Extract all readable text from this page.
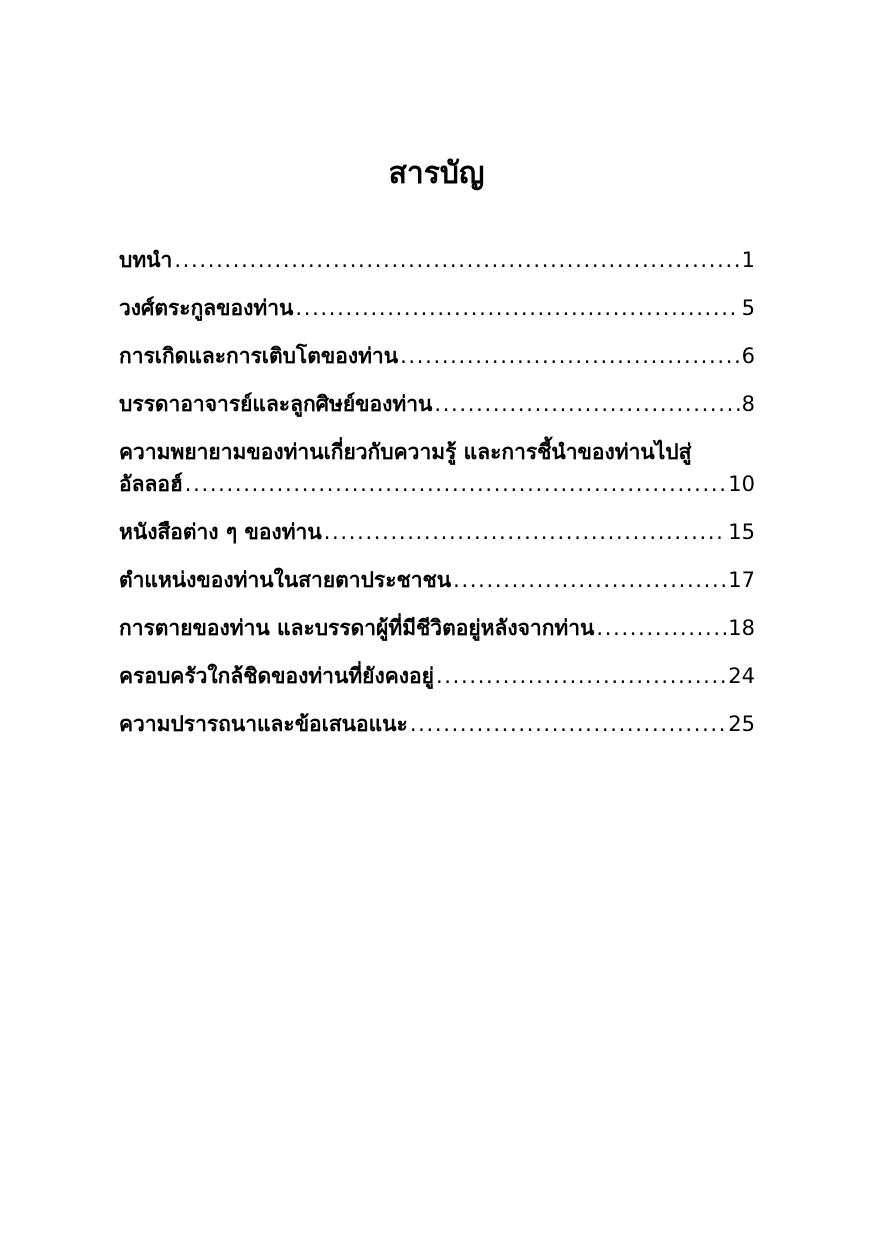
สารบัญ
บทนำ . . .	1
วงศ์ตระกูลของท่าน . . .	5
การเกิดและการเติบโตของท่าน . . .	6
บรรดาอาจารย์และลูกศิษย์ของท่าน . . .	8
ความพยายามของท่านเกี่ยวกับความรู้ และการชี้นำของท่านไปสู่
อัลลอฮ์ . . .	10
หนังสือต่าง ๆ ของท่าน . . .	15
ตำแหน่งของท่านในสายตาประชาชน . . .	17
การตายของท่าน และบรรดาผู้ที่มีชีวิตอยู่หลังจากท่าน . . .	18
ครอบครัวใกล้ชิดของท่านที่ยังคงอยู่ . . .	24
ความปรารถนาและข้อเสนอแนะ . . .	25
